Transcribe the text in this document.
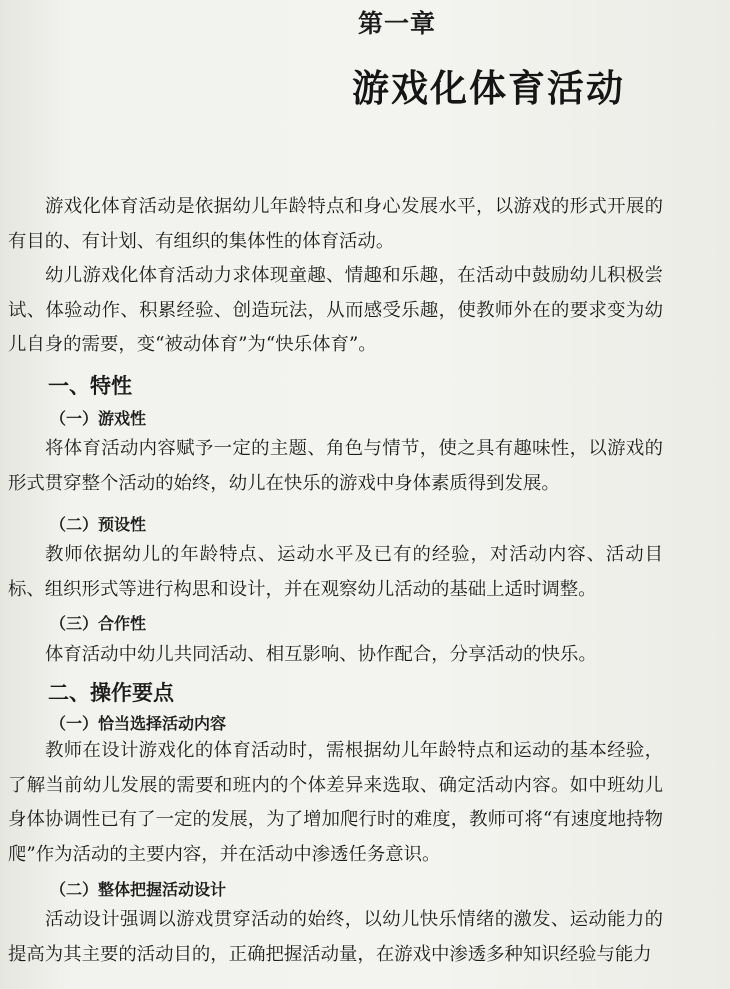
第一章
游戏化体育活动

游戏化体育活动是依据幼儿年龄特点和身心发展水平，以游戏的形式开展的有目的、有计划、有组织的集体性的体育活动。

幼儿游戏化体育活动力求体现童趣、情趣和乐趣，在活动中鼓励幼儿积极尝试、体验动作、积累经验、创造玩法，从而感受乐趣，使教师外在的要求变为幼儿自身的需要，变“被动体育”为“快乐体育”。

一、特性
（一）游戏性

将体育活动内容赋予一定的主题、角色与情节，使之具有趣味性，以游戏的形式贯穿整个活动的始终，幼儿在快乐的游戏中身体素质得到发展。

（二）预设性

教师依据幼儿的年龄特点、运动水平及已有的经验，对活动内容、活动目标、组织形式等进行构思和设计，并在观察幼儿活动的基础上适时调整。

（三）合作性

体育活动中幼儿共同活动、相互影响、协作配合，分享活动的快乐。

二、操作要点
（一）恰当选择活动内容

教师在设计游戏化的体育活动时，需根据幼儿年龄特点和运动的基本经验，了解当前幼儿发展的需要和班内的个体差异来选取、确定活动内容。如中班幼儿身体协调性已有了一定的发展，为了增加爬行时的难度，教师可将“有速度地持物爬”作为活动的主要内容，并在活动中渗透任务意识。

（二）整体把握活动设计

活动设计强调以游戏贯穿活动的始终，以幼儿快乐情绪的激发、运动能力的提高为其主要的活动目的，正确把握活动量，在游戏中渗透多种知识经验与能力
